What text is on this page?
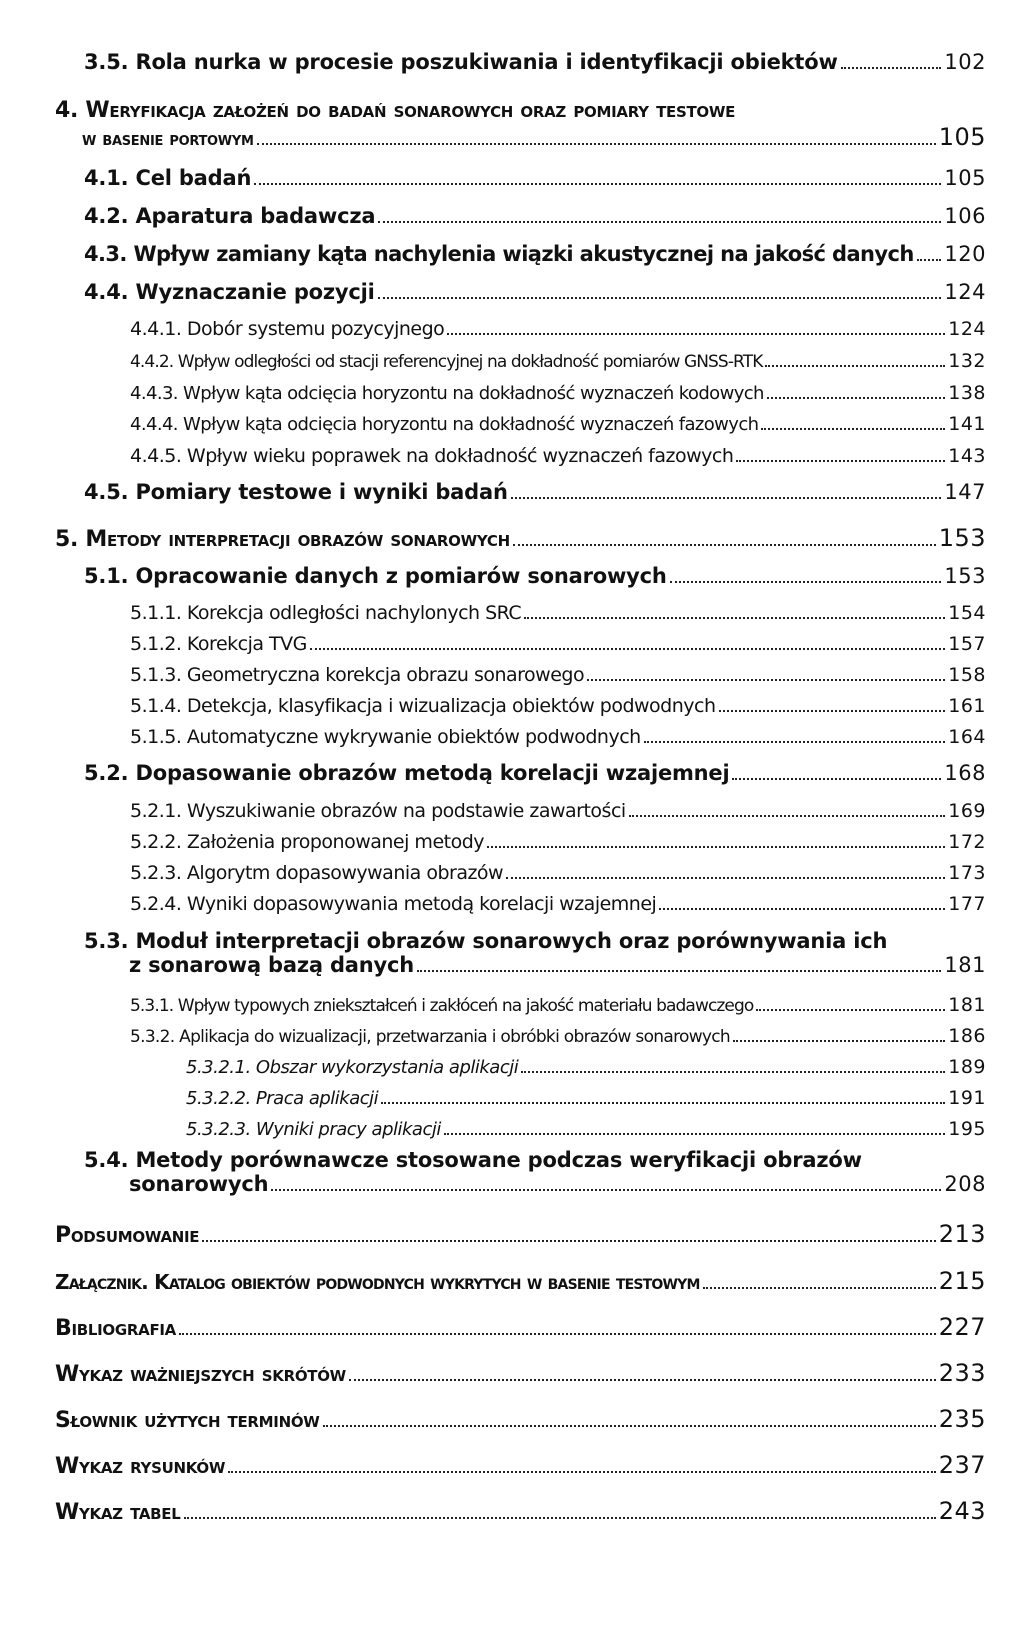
3.5. Rola nurka w procesie poszukiwania i identyfikacji obiektów	102
4. Weryfikacja założeń do badań sonarowych oraz pomiary testowe
w basenie portowym	105
4.1. Cel badań	105
4.2. Aparatura badawcza	106
4.3. Wpływ zamiany kąta nachylenia wiązki akustycznej na jakość danych 120
4.4. Wyznaczanie pozycji	124
4.4.1. Dobór systemu pozycyjnego	124
4.4.2. Wpływ odległości od stacji referencyjnej na dokładność pomiarów GNSS-RTK	132
4.4.3. Wpływ kąta odcięcia horyzontu na dokładność wyznaczeń kodowych	138
4.4.4. Wpływ kąta odcięcia horyzontu na dokładność wyznaczeń fazowych	141
4.4.5. Wpływ wieku poprawek na dokładność wyznaczeń fazowych	143
4.5. Pomiary testowe i wyniki badań	147
5. Metody interpretacji obrazów sonarowych	153
5.1. Opracowanie danych z pomiarów sonarowych	153
5.1.1. Korekcja odległości nachylonych SRC	154
5.1.2. Korekcja TVG	157
5.1.3. Geometryczna korekcja obrazu sonarowego	158
5.1.4. Detekcja, klasyfikacja i wizualizacja obiektów podwodnych	161
5.1.5. Automatyczne wykrywanie obiektów podwodnych	164
5.2. Dopasowanie obrazów metodą korelacji wzajemnej	168
5.2.1. Wyszukiwanie obrazów na podstawie zawartości	169
5.2.2. Założenia proponowanej metody	172
5.2.3. Algorytm dopasowywania obrazów	173
5.2.4. Wyniki dopasowywania metodą korelacji wzajemnej	177
5.3. Moduł interpretacji obrazów sonarowych oraz porównywania ich
z sonarową bazą danych	181
5.3.1. Wpływ typowych zniekształceń i zakłóceń na jakość materiału badawczego	181
5.3.2. Aplikacja do wizualizacji, przetwarzania i obróbki obrazów sonarowych	186
5.3.2.1. Obszar wykorzystania aplikacji	189
5.3.2.2. Praca aplikacji	191
5.3.2.3. Wyniki pracy aplikacji	195
5.4. Metody porównawcze stosowane podczas weryfikacji obrazów
sonarowych	208
Podsumowanie	213
Załącznik. Katalog obiektów podwodnych wykrytych w basenie testowym	215
Bibliografia	227
Wykaz ważniejszych skrótów	233
Słownik użytych terminów	235
Wykaz rysunków	237
Wykaz tabel	243
